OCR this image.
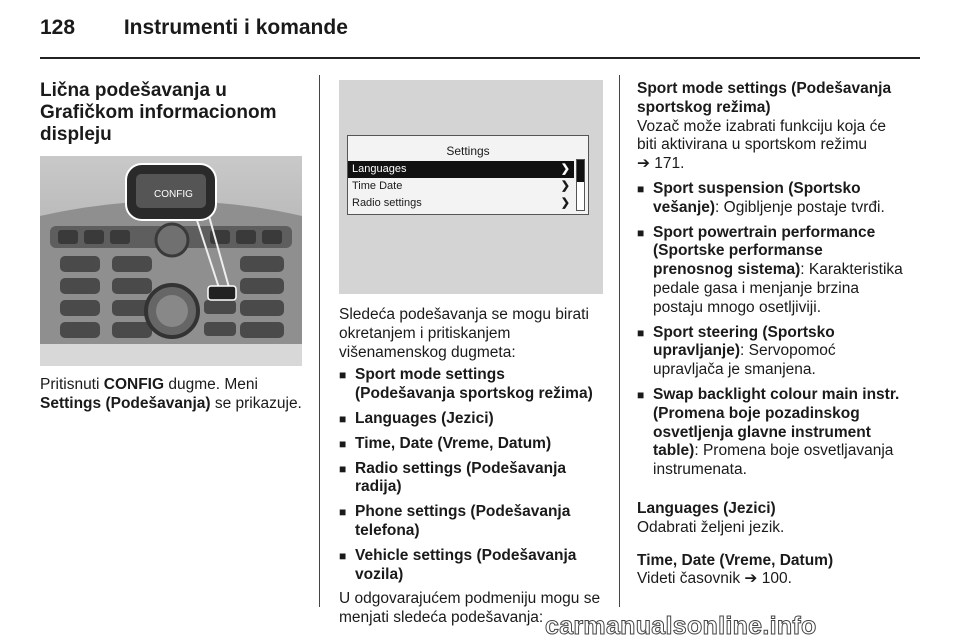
128 Instrumenti i komande
Lična podešavanja u Grafičkom informacionom displeju
CONFIG

Pritisnuti CONFIG dugme. Meni Settings (Podešavanja) se prikazuje.

Settings
Languages	❯
Time Date	❯
Radio settings	❯

Sledeća podešavanja se mogu birati okretanjem i pritiskanjem višenamenskog dugmeta:

■ Sport mode settings (Podešavanja sportskog režima)
■ Languages (Jezici)
■ Time, Date (Vreme, Datum)
■ Radio settings (Podešavanja radija)
■ Phone settings (Podešavanja telefona)
■ Vehicle settings (Podešavanja vozila)

U odgovarajućem podmeniju mogu se menjati sledeća podešavanja:

Sport mode settings (Podešavanja sportskog režima)

Vozač može izabrati funkciju koja će biti aktivirana u sportskom režimu
➔ 171.

■ Sport suspension (Sportsko vešanje): Ogibljenje postaje tvrđi.
■ Sport powertrain performance (Sportske performanse prenosnog sistema): Karakteristika pedale gasa i menjanje brzina postaju mnogo osetljiviji.
■ Sport steering (Sportsko upravljanje): Servopomoć upravljača je smanjena.
■ Swap backlight colour main instr. (Promena boje pozadinskog osvetljenja glavne instrument table): Promena boje osvetljavanja instrumenata.

Languages (Jezici)

Odabrati željeni jezik.

Time, Date (Vreme, Datum)

Videti časovnik ➔ 100.

carmanualsonline.info
